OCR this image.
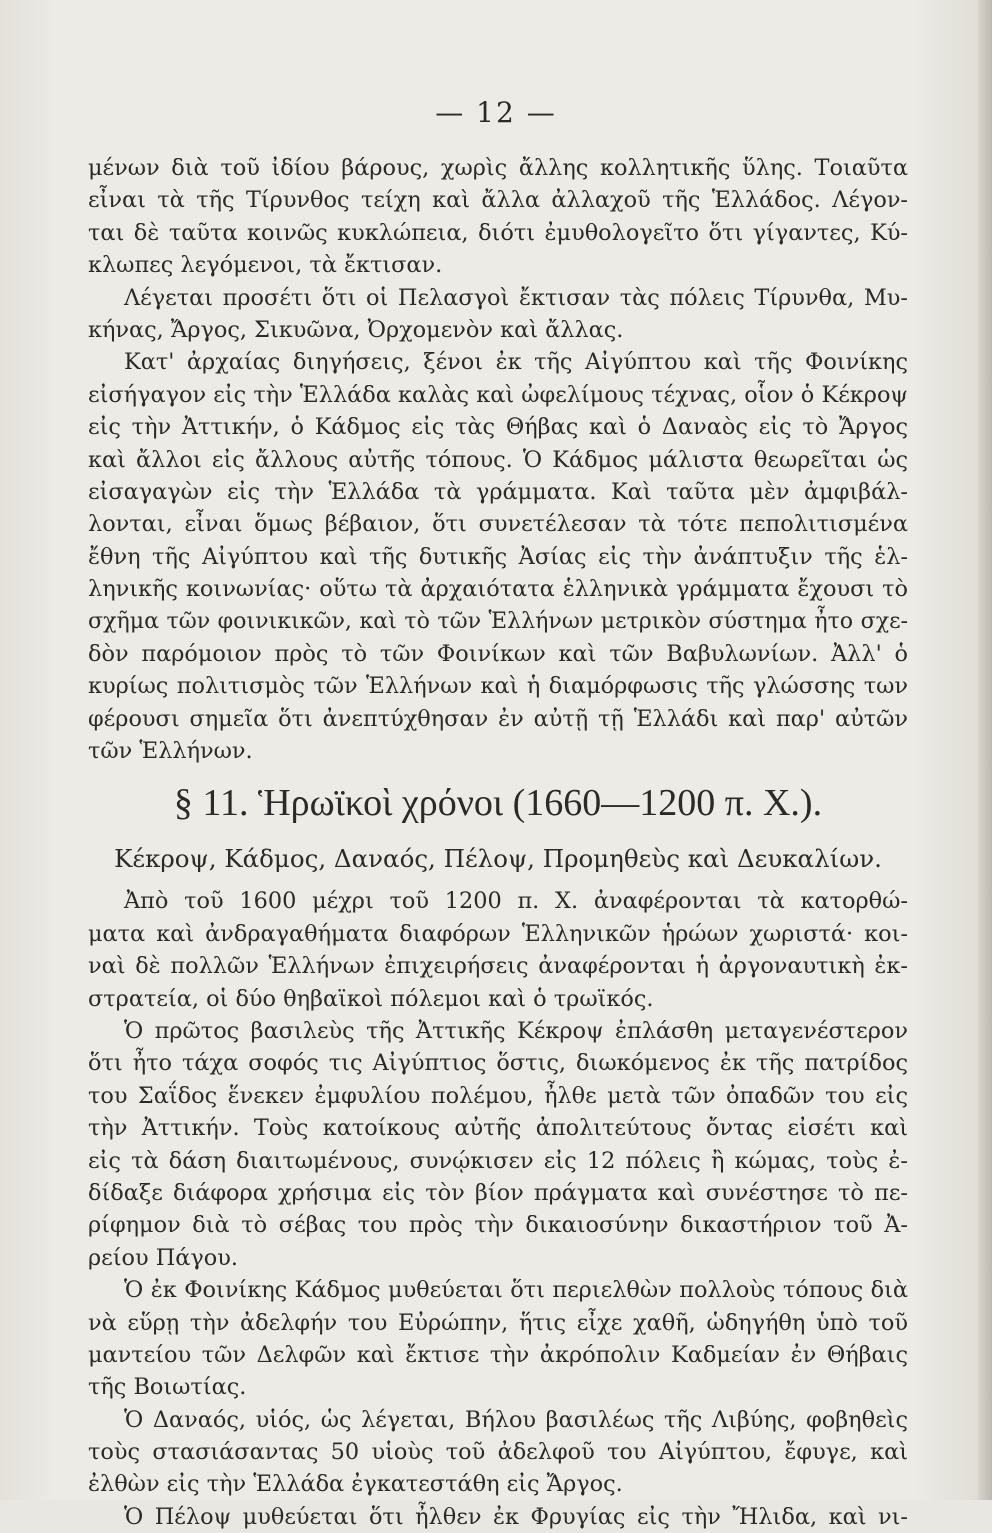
— 12 —
μένων διὰ τοῦ ἰδίου βάρους, χωρὶς ἄλλης κολλητικῆς ὕλης. Τοιαῦτα
εἶναι τὰ τῆς Τίρυνθος τείχη καὶ ἄλλα ἀλλαχοῦ τῆς Ἑλλάδος. Λέγον-
ται δὲ ταῦτα κοινῶς κυκλώπεια, διότι ἐμυθολογεῖτο ὅτι γίγαντες, Κύ-
κλωπες λεγόμενοι, τὰ ἔκτισαν.
Λέγεται προσέτι ὅτι οἱ Πελασγοὶ ἔκτισαν τὰς πόλεις Τίρυνθα, Μυ-
κήνας, Ἄργος, Σικυῶνα, Ὀρχομενὸν καὶ ἄλλας.
Κατ' ἀρχαίας διηγήσεις, ξένοι ἐκ τῆς Αἰγύπτου καὶ τῆς Φοινίκης
εἰσήγαγον εἰς τὴν Ἑλλάδα καλὰς καὶ ὠφελίμους τέχνας, οἷον ὁ Κέκροψ
εἰς τὴν Ἀττικήν, ὁ Κάδμος εἰς τὰς Θήβας καὶ ὁ Δαναὸς εἰς τὸ Ἄργος
καὶ ἄλλοι εἰς ἄλλους αὐτῆς τόπους. Ὁ Κάδμος μάλιστα θεωρεῖται ὡς
εἰσαγαγὼν εἰς τὴν Ἑλλάδα τὰ γράμματα. Καὶ ταῦτα μὲν ἀμφιβάλ-
λονται, εἶναι ὅμως βέβαιον, ὅτι συνετέλεσαν τὰ τότε πεπολιτισμένα
ἔθνη τῆς Αἰγύπτου καὶ τῆς δυτικῆς Ἀσίας εἰς τὴν ἀνάπτυξιν τῆς ἑλ-
ληνικῆς κοινωνίας· οὕτω τὰ ἀρχαιότατα ἑλληνικὰ γράμματα ἔχουσι τὸ
σχῆμα τῶν φοινικικῶν, καὶ τὸ τῶν Ἑλλήνων μετρικὸν σύστημα ἦτο σχε-
δὸν παρόμοιον πρὸς τὸ τῶν Φοινίκων καὶ τῶν Βαβυλωνίων. Ἀλλ' ὁ
κυρίως πολιτισμὸς τῶν Ἑλλήνων καὶ ἡ διαμόρφωσις τῆς γλώσσης των
φέρουσι σημεῖα ὅτι ἀνεπτύχθησαν ἐν αὐτῇ τῇ Ἑλλάδι καὶ παρ' αὐτῶν
τῶν Ἑλλήνων.
§ 11. Ἡρωϊκοὶ χρόνοι (1660—1200 π. Χ.).
Κέκροψ, Κάδμος, Δαναός, Πέλοψ, Προμηθεὺς καὶ Δευκαλίων.
Ἀπὸ τοῦ 1600 μέχρι τοῦ 1200 π. Χ. ἀναφέρονται τὰ κατορθώ-
ματα καὶ ἀνδραγαθήματα διαφόρων Ἑλληνικῶν ἡρώων χωριστά· κοι-
ναὶ δὲ πολλῶν Ἑλλήνων ἐπιχειρήσεις ἀναφέρονται ἡ ἀργοναυτικὴ ἐκ-
στρατεία, οἱ δύο θηβαϊκοὶ πόλεμοι καὶ ὁ τρωϊκός.
Ὁ πρῶτος βασιλεὺς τῆς Ἀττικῆς Κέκροψ ἐπλάσθη μεταγενέστερον
ὅτι ἦτο τάχα σοφός τις Αἰγύπτιος ὅστις, διωκόμενος ἐκ τῆς πατρίδος
του Σαΐδος ἕνεκεν ἐμφυλίου πολέμου, ἦλθε μετὰ τῶν ὀπαδῶν του εἰς
τὴν Ἀττικήν. Τοὺς κατοίκους αὐτῆς ἀπολιτεύτους ὄντας εἰσέτι καὶ
εἰς τὰ δάση διαιτωμένους, συνῴκισεν εἰς 12 πόλεις ἢ κώμας, τοὺς ἐ-
δίδαξε διάφορα χρήσιμα εἰς τὸν βίον πράγματα καὶ συνέστησε τὸ πε-
ρίφημον διὰ τὸ σέβας του πρὸς τὴν δικαιοσύνην δικαστήριον τοῦ Ἀ-
ρείου Πάγου.
Ὁ ἐκ Φοινίκης Κάδμος μυθεύεται ὅτι περιελθὼν πολλοὺς τόπους διὰ
νὰ εὕρῃ τὴν ἀδελφήν του Εὐρώπην, ἥτις εἶχε χαθῆ, ὡδηγήθη ὑπὸ τοῦ
μαντείου τῶν Δελφῶν καὶ ἔκτισε τὴν ἀκρόπολιν Καδμείαν ἐν Θήβαις
τῆς Βοιωτίας.
Ὁ Δαναός, υἱός, ὡς λέγεται, Βήλου βασιλέως τῆς Λιβύης, φοβηθεὶς
τοὺς στασιάσαντας 50 υἱοὺς τοῦ ἀδελφοῦ του Αἰγύπτου, ἔφυγε, καὶ
ἐλθὼν εἰς τὴν Ἑλλάδα ἐγκατεστάθη εἰς Ἄργος.
Ὁ Πέλοψ μυθεύεται ὅτι ἦλθεν ἐκ Φρυγίας εἰς τὴν Ἤλιδα, καὶ νι-
